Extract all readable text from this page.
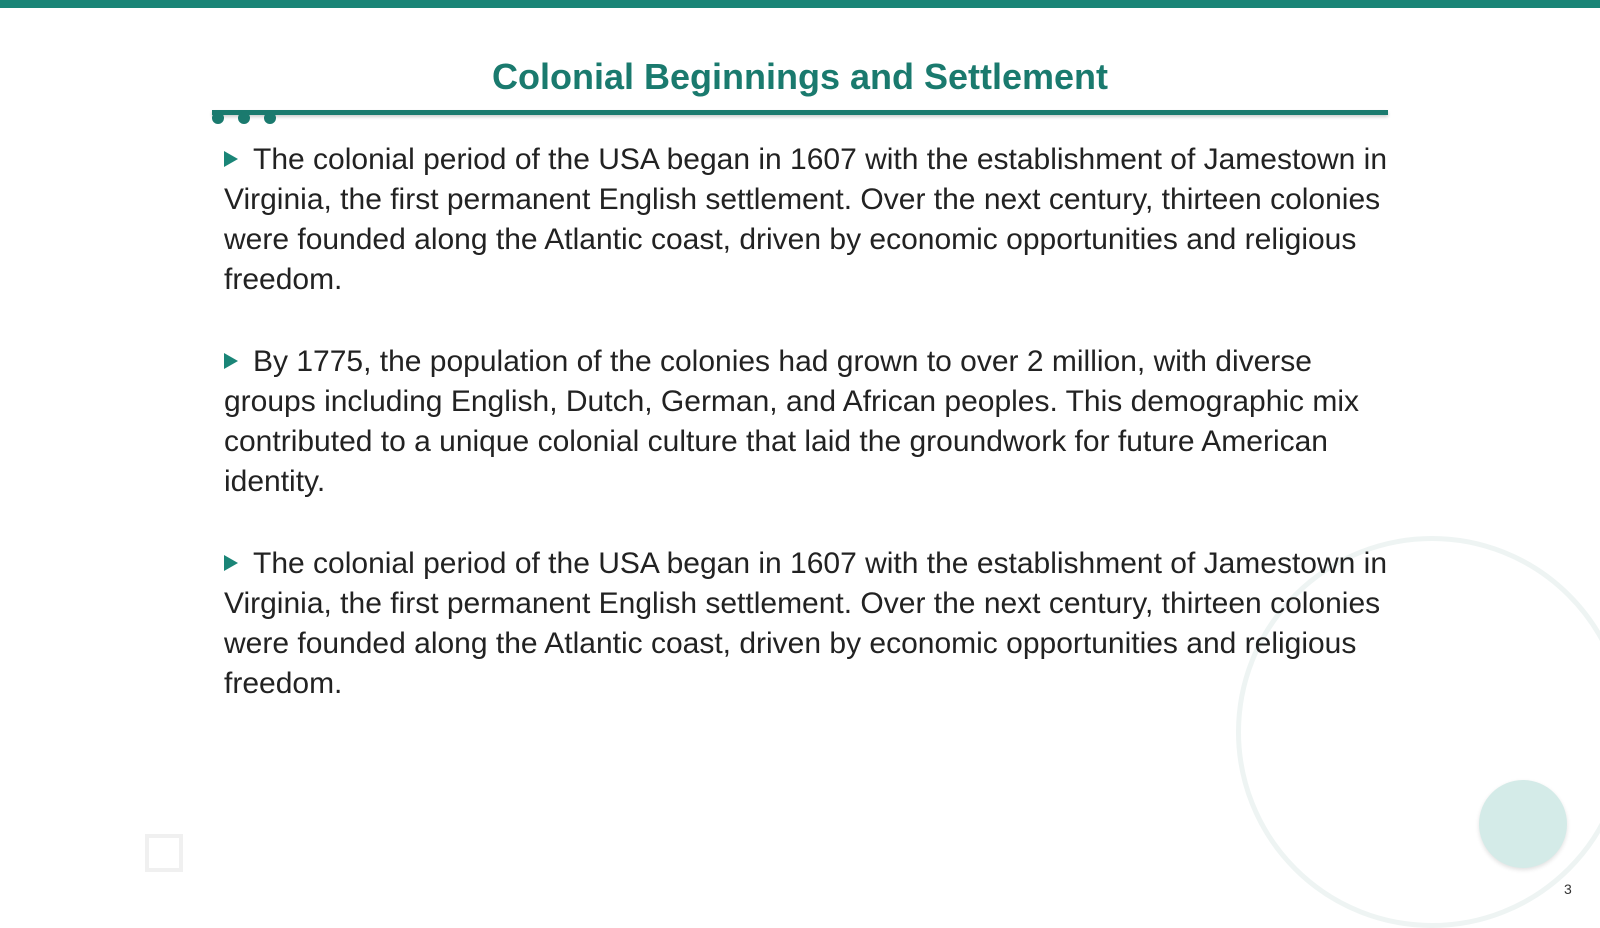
Colonial Beginnings and Settlement

The colonial period of the USA began in 1607 with the establishment of Jamestown in Virginia, the first permanent English settlement. Over the next century, thirteen colonies were founded along the Atlantic coast, driven by economic opportunities and religious freedom.

By 1775, the population of the colonies had grown to over 2 million, with diverse groups including English, Dutch, German, and African peoples. This demographic mix contributed to a unique colonial culture that laid the groundwork for future American identity.

The colonial period of the USA began in 1607 with the establishment of Jamestown in Virginia, the first permanent English settlement. Over the next century, thirteen colonies were founded along the Atlantic coast, driven by economic opportunities and religious freedom.

3
